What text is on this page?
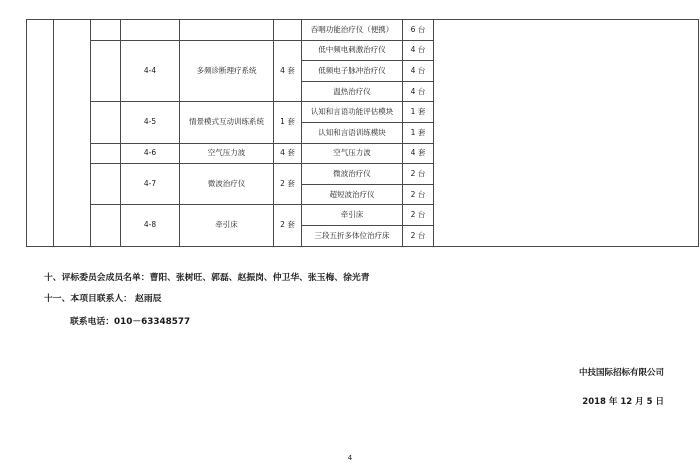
						吞咽功能治疗仪（便携）	6 台	
			4-4	多频诊断理疗系统	4 套	低中频电刺激治疗仪	4 台	
						低频电子脉冲治疗仪	4 台	
						温热治疗仪	4 台	
			4-5	情景模式互动训练系统	1 套	认知和言语功能评估模块	1 套	
						认知和言语训练模块	1 套	
			4-6	空气压力波	4 套	空气压力波	4 套	
			4-7	微波治疗仪	2 套	微波治疗仪	2 台	
						超短波治疗仪	2 台	
			4-8	牵引床	2 套	牵引床	2 台	
						三段五折多体位治疗床	2 台	
十、评标委员会成员名单：曹阳、张树旺、郭磊、赵振岗、仲卫华、张玉梅、徐光青
十一、本项目联系人： 赵雨辰
联系电话：010－63348577
中技国际招标有限公司
2018 年 12 月 5 日
4
